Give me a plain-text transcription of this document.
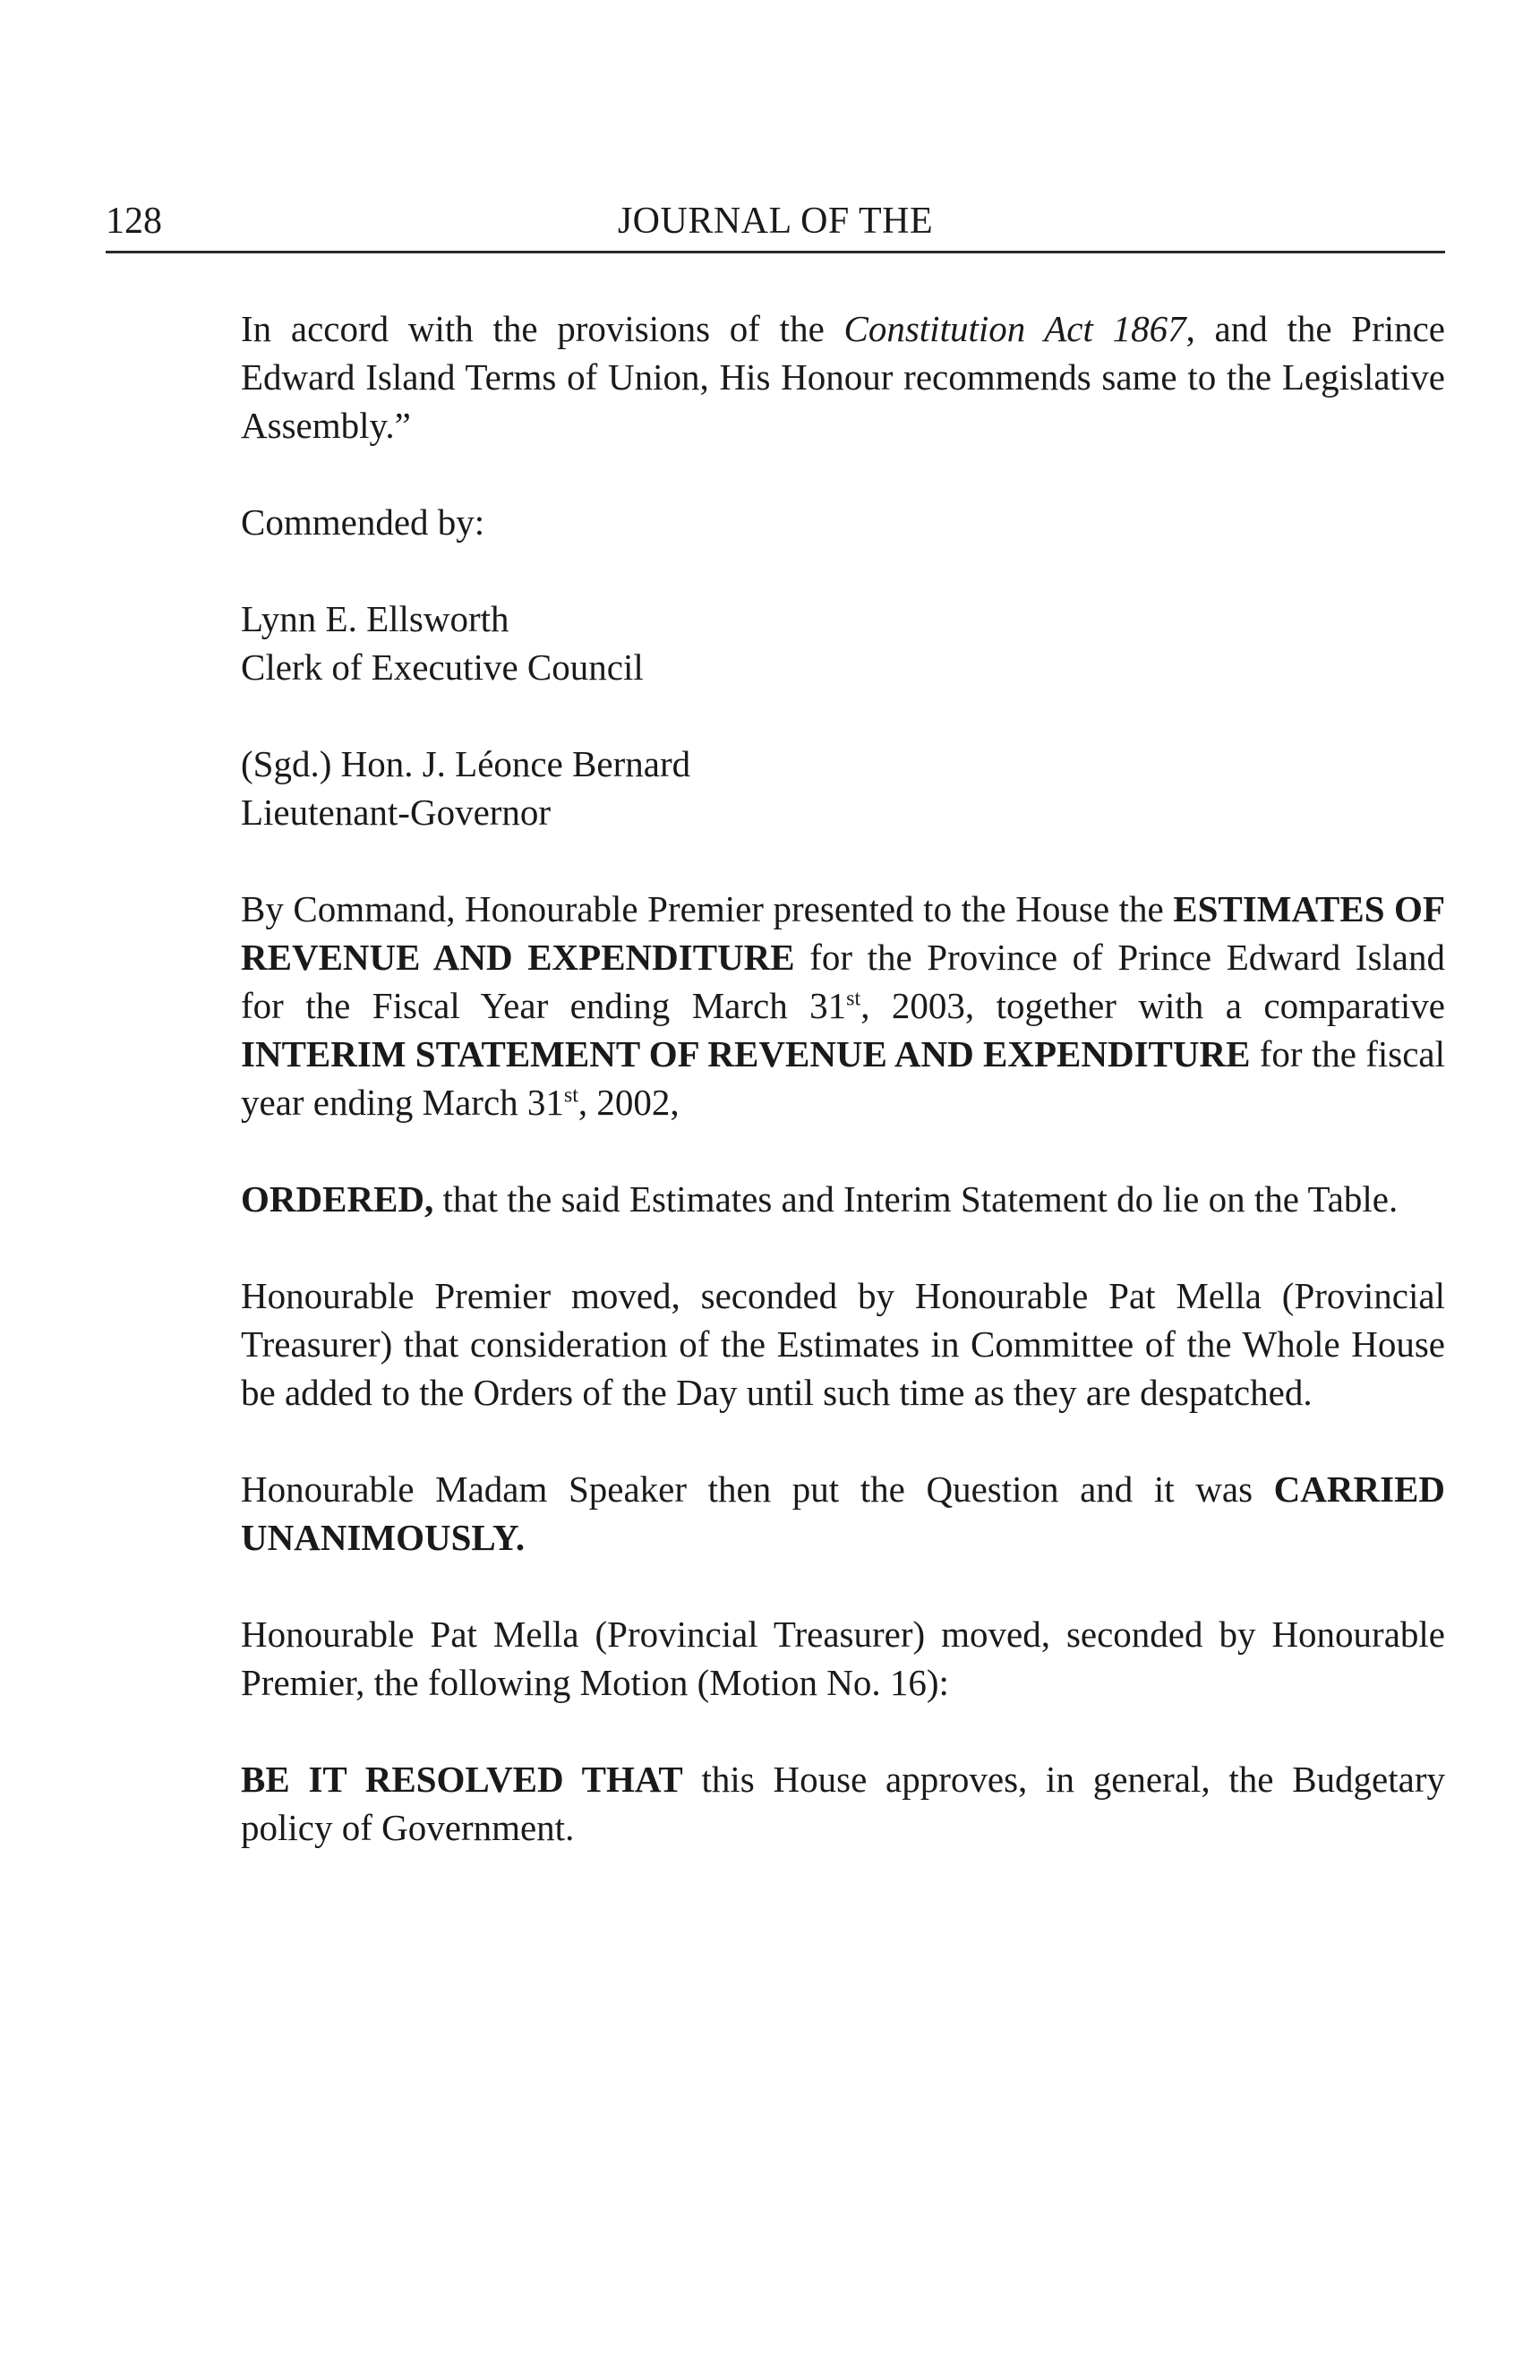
128	JOURNAL OF THE

In accord with the provisions of the Constitution Act 1867, and the Prince Edward Island Terms of Union, His Honour recommends same to the Legislative Assembly.”

Commended by:

Lynn E. Ellsworth
Clerk of Executive Council
(Sgd.) Hon. J. Léonce Bernard
Lieutenant-Governor

By Command, Honourable Premier presented to the House the ESTIMATES OF REVENUE AND EXPENDITURE for the Province of Prince Edward Island for the Fiscal Year ending March 31st, 2003, together with a comparative INTERIM STATEMENT OF REVENUE AND EXPENDITURE for the fiscal year ending March 31st, 2002,

ORDERED, that the said Estimates and Interim Statement do lie on the Table.

Honourable Premier moved, seconded by Honourable Pat Mella (Provincial Treasurer) that consideration of the Estimates in Committee of the Whole House be added to the Orders of the Day until such time as they are despatched.

Honourable Madam Speaker then put the Question and it was CARRIED UNANIMOUSLY.

Honourable Pat Mella (Provincial Treasurer) moved, seconded by Honourable Premier, the following Motion (Motion No. 16):

BE IT RESOLVED THAT this House approves, in general, the Budgetary policy of Government.
